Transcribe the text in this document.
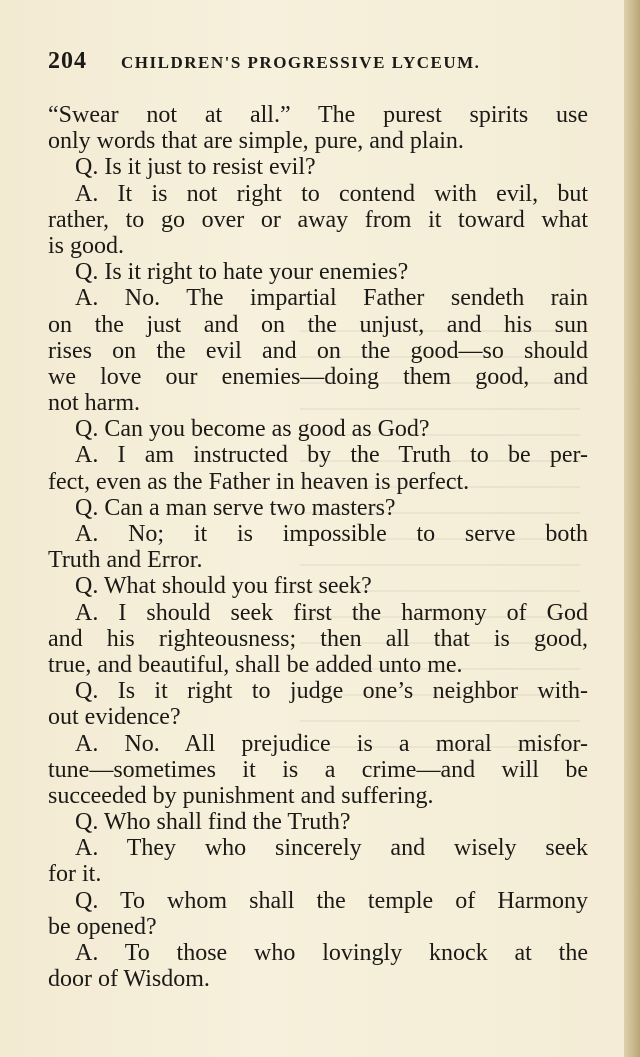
204 CHILDREN'S PROGRESSIVE LYCEUM.
“Swear not at all.” The purest spirits use
only words that are simple, pure, and plain.
Q. Is it just to resist evil?
A. It is not right to contend with evil, but
rather, to go over or away from it toward what
is good.
Q. Is it right to hate your enemies?
A. No. The impartial Father sendeth rain
on the just and on the unjust, and his sun
rises on the evil and on the good—so should
we love our enemies—doing them good, and
not harm.
Q. Can you become as good as God?
A. I am instructed by the Truth to be per-
fect, even as the Father in heaven is perfect.
Q. Can a man serve two masters?
A. No; it is impossible to serve both
Truth and Error.
Q. What should you first seek?
A. I should seek first the harmony of God
and his righteousness; then all that is good,
true, and beautiful, shall be added unto me.
Q. Is it right to judge one’s neighbor with-
out evidence?
A. No. All prejudice is a moral misfor-
tune—sometimes it is a crime—and will be
succeeded by punishment and suffering.
Q. Who shall find the Truth?
A. They who sincerely and wisely seek
for it.
Q. To whom shall the temple of Harmony
be opened?
A. To those who lovingly knock at the
door of Wisdom.
